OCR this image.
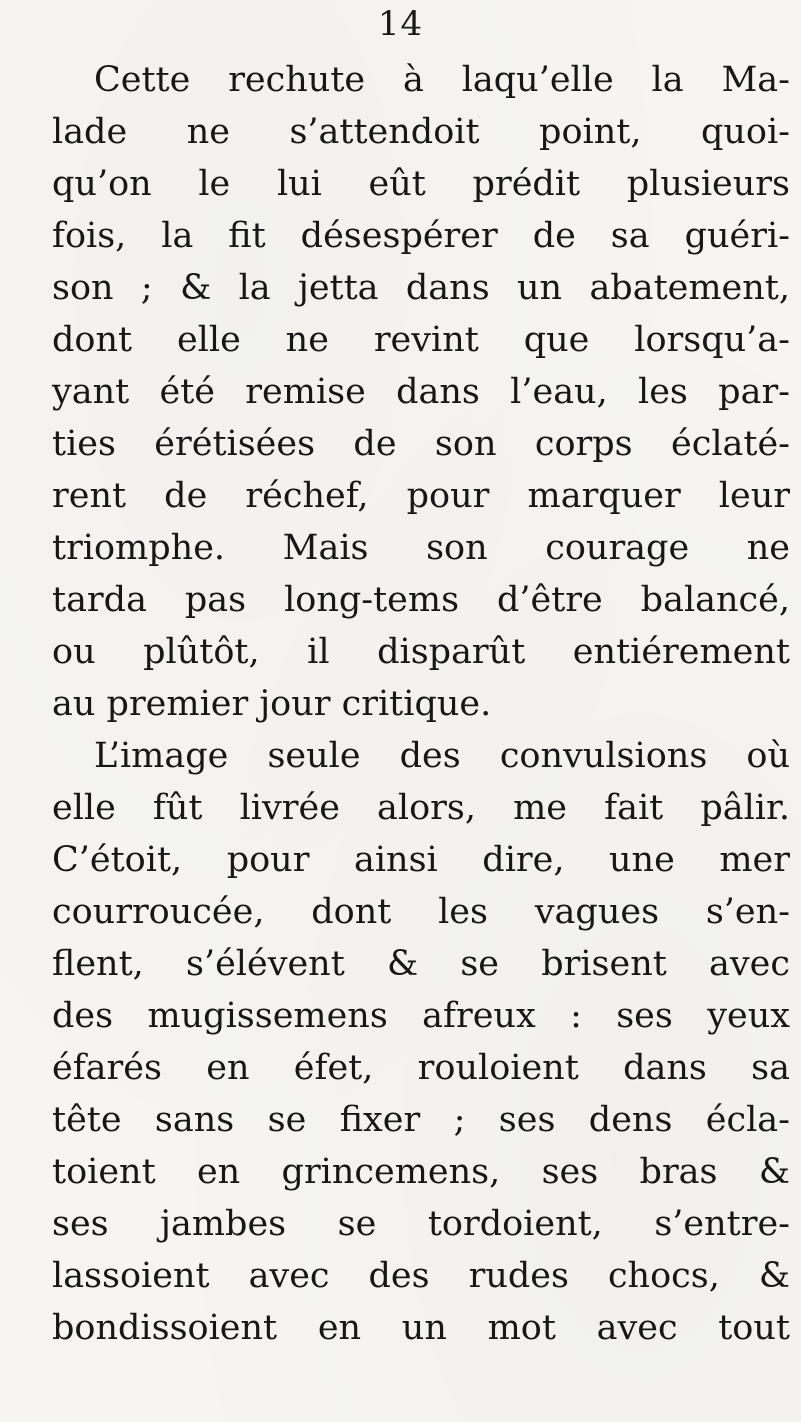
14
Cette rechute à laqu’elle la Ma-
lade ne s’attendoit point, quoi-
qu’on le lui eût prédit plusieurs
fois, la fit désespérer de sa guéri-
son ; & la jetta dans un abatement,
dont elle ne revint que lorsqu’a-
yant été remise dans l’eau, les par-
ties érétisées de son corps éclaté-
rent de réchef, pour marquer leur
triomphe. Mais son courage ne
tarda pas long-tems d’être balancé,
ou plûtôt, il disparût entiérement
au premier jour critique.
L’image seule des convulsions où
elle fût livrée alors, me fait pâlir.
C’étoit, pour ainsi dire, une mer
courroucée, dont les vagues s’en-
flent, s’élévent & se brisent avec
des mugissemens afreux : ses yeux
éfarés en éfet, rouloient dans sa
tête sans se fixer ; ses dens écla-
toient en grincemens, ses bras &
ses jambes se tordoient, s’entre-
lassoient avec des rudes chocs, &
bondissoient en un mot avec tout
